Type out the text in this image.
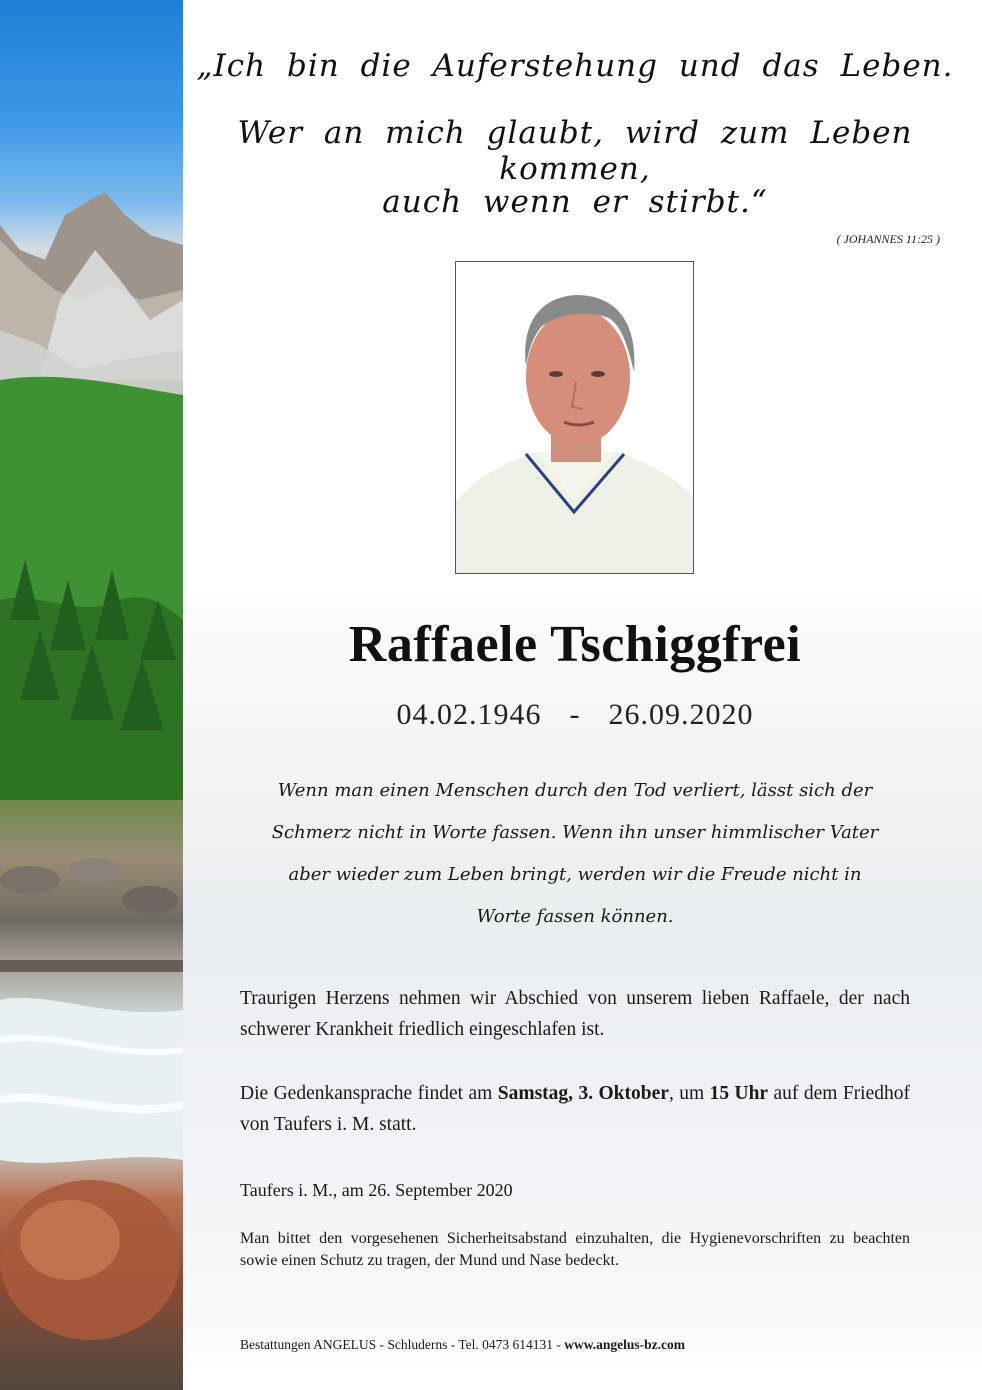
„Ich bin die Auferstehung und das Leben.
Wer an mich glaubt, wird zum Leben kommen,
auch wenn er stirbt.“
( JOHANNES 11:25 )
Raffaele Tschiggfrei
04.02.1946 - 26.09.2020
Wenn man einen Menschen durch den Tod verliert, lässt sich der
Schmerz nicht in Worte fassen. Wenn ihn unser himmlischer Vater
aber wieder zum Leben bringt, werden wir die Freude nicht in
Worte fassen können.
Traurigen Herzens nehmen wir Abschied von unserem lieben Raffaele, der nach schwerer Krankheit friedlich eingeschlafen ist.
Die Gedenkansprache findet am Samstag, 3. Oktober, um 15 Uhr auf dem Friedhof von Taufers i. M. statt.
Taufers i. M., am 26. September 2020
Man bittet den vorgesehenen Sicherheitsabstand einzuhalten, die Hygienevorschriften zu beachten sowie einen Schutz zu tragen, der Mund und Nase bedeckt.
Bestattungen ANGELUS - Schluderns - Tel. 0473 614131 - www.angelus-bz.com
